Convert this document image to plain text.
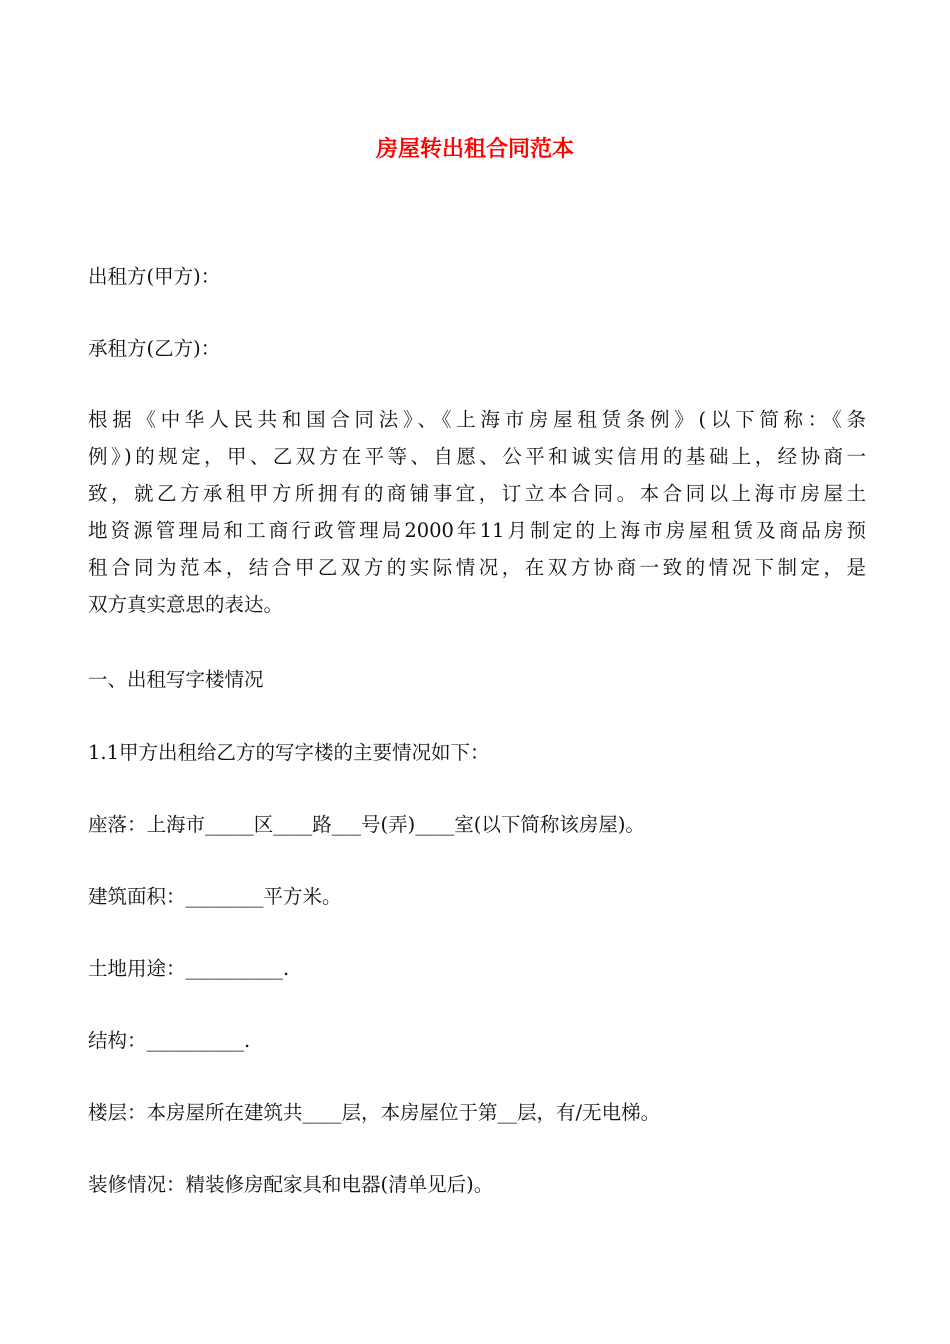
房屋转出租合同范本

出租方(甲方)：

承租方(乙方)：

根据《中华人民共和国合同法》、《上海市房屋租赁条例》(以下简称：《条
例》)的规定，甲、乙双方在平等、自愿、公平和诚实信用的基础上，经协商一
致，就乙方承租甲方所拥有的商铺事宜，订立本合同。本合同以上海市房屋土
地资源管理局和工商行政管理局2000年11月制定的上海市房屋租赁及商品房预
租合同为范本，结合甲乙双方的实际情况，在双方协商一致的情况下制定，是
双方真实意思的表达。

一、出租写字楼情况

1.1甲方出租给乙方的写字楼的主要情况如下：

座落：上海市_____区____路___号(弄)____室(以下简称该房屋)。

建筑面积：________平方米。

土地用途：__________.

结构：__________.

楼层：本房屋所在建筑共____层，本房屋位于第__层，有/无电梯。

装修情况：精装修房配家具和电器(清单见后)。
